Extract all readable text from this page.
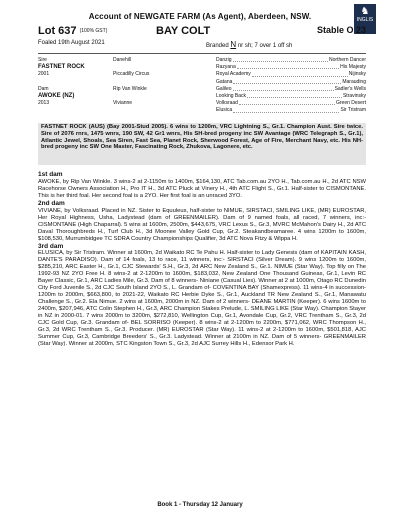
♞
INGLIS
Account of NEWGATE FARM (As Agent), Aberdeen, NSW.
Lot 637 (100% GST)	BAY COLT	Stable O 23
Foaled 19th August 2021	Branded N nr sh; 7 over 1 off sh
Sire
FASTNET ROCK
2001

Dam
AWOKE (NZ)
2013
Danehill

Piccadilly Circus

Rip Van Winkle

Vivianne
Danzig	Northern Dancer
Razyana	His Majesty
Royal Academy	Nijinsky
Gatana	Marauding
Galileo	Sadler's Wells
Looking Back	Stravinsky
Volksraad	Green Desert
Elusica	Sir Tristram
FASTNET ROCK (AUS) (Bay 2001-Stud 2005). 6 wins to 1200m, VRC Lightning S., Gr.1. Champion Aust. Sire twice. Sire of 2076 rnrs, 1475 wnrs, 190 SW, 42 Gr1 wnrs, His SH-bred progeny inc SW Avantage (WRC Telegraph S., Gr.1), Atlantic Jewel, Shoals, Sea Siren, Fast Sea, Planet Rock, Sherwood Forest, Age of Fire, Merchant Navy, etc. His NH-bred progeny inc SW One Master, Fascinating Rock, Zhukova, Lagonere, etc.
1st dam
AWOKE, by Rip Van Winkle. 3 wins-2 at 2-1150m to 1400m, $164,130, ATC Tab.com.au 2YO H., Tab.com.au H., 2d ATC NSW Racehorse Owners Association H., Pro IT H., 3d ATC Pluck at Vinery H., 4th ATC Flight S., Gr.1. Half-sister to CISMONTANE. This is her third foal. Her second foal is a 2YO. Her first foal is an unraced 3YO.
2nd dam
VIVIANE, by Volksraad. Placed in NZ. Sister to Equuleus, half-sister to NIMUE, SIRSTACI, SMILING LIKE, (MR) EUROSTAR, Her Royal Highness, Usha, Ladystead (dam of GREENMAILER). Dam of 9 named foals, all raced, 7 winners, inc:- CISMONTANE (High Chaparral). 5 wins at 1600m, 2500m, $443,675, VRC Lexus S., Gr.3, MVRC McMahon's Dairy H., 2d ATC Daval Thoroughbreds H., Turf Club H., 3d Moonee Valley Gold Cup, Gr.2. Steakandbeamaree. 4 wins 1200m to 1600m, $108,530, Murrumbidgee TC SDRA Country Championships Qualifier, 3d ATC Nova Fitzy & Wippa H.
3rd dam
ELUSICA, by Sir Tristram. Winner at 1600m, 2d Waikato RC Te Pahu H. Half-sister to Lady Genesis (dam of KAPITAIN KASH, DANTE'S PARADISO). Dam of 14 foals, 13 to race, 11 winners, inc:- SIRSTACI (Silver Dream). 9 wins 1200m to 1600m, $285,210, ARC Easter H., Gr.1, CJC Stewards' S.H., Gr.3, 2d ARC New Zealand S., Gr.1. NIMUE (Star Way). Top filly on The 1992-93 NZ 2YO Free H. 8 wins-2 at 2-1200m to 1600m, $183,032, New Zealand One Thousand Guineas, Gr.1, Levin RC Bayer Classic, Gr.1, ARC Ladies Mile, Gr.3. Dam of 8 winners- Niniane (Casual Lies). Winner at 2 at 1000m, Otago RC Dunedin City Ford Juvenile S., 2d CJC South Island 2YO S., L. Grandam of- COVENTINA BAY (Shamexpress). 11 wins-4 in succession-1200m to 2000m, $663,800, to 2021-22, Waikato RC Herbie Dyke S., Gr.1, Auckland TR New Zealand S., Gr.1, Manawatu Challenge S., Gr.2. Ela Nimue. 2 wins at 1600m, 2000m in NZ. Dam of 2 winners- DEANE MARTIN (Keeper). 6 wins 1600m to 2400m, $207,946, ATC Colin Stephen H., Gr.3, ARC Champion Stakes Prelude, L. SMILING LIKE (Star Way). Champion Stayer in NZ in 2000-01. 7 wins 2000m to 3200m, $272,810, Wellington Cup, Gr.1, Avondale Cup, Gr.2, VRC Trentham S., Gr.3, 2d CJC Gold Cup, Gr.3. Grandam of- BEL SORRISO (Keeper). 8 wins-2 at 2-1200m to 2200m, $771,062, WRC Thompson H., Gr.3, 2d WRC Trentham S., Gr.3. Producer. (MR) EUROSTAR (Star Way). 11 wins-2 at 2-1200m to 1600m, $501,818, AJC Summer Cup, Gr.3, Cambridge Breeders' S., Gr.3. Ladystead. Winner at 2100m in NZ. Dam of 5 winners- GREENMAILER (Star Way). Winner at 2000m, STC Kingston Town S., Gr.3, 2d AJC Surrey Hills H., Edensor Park H.
Book 1 - Thursday 12 January
